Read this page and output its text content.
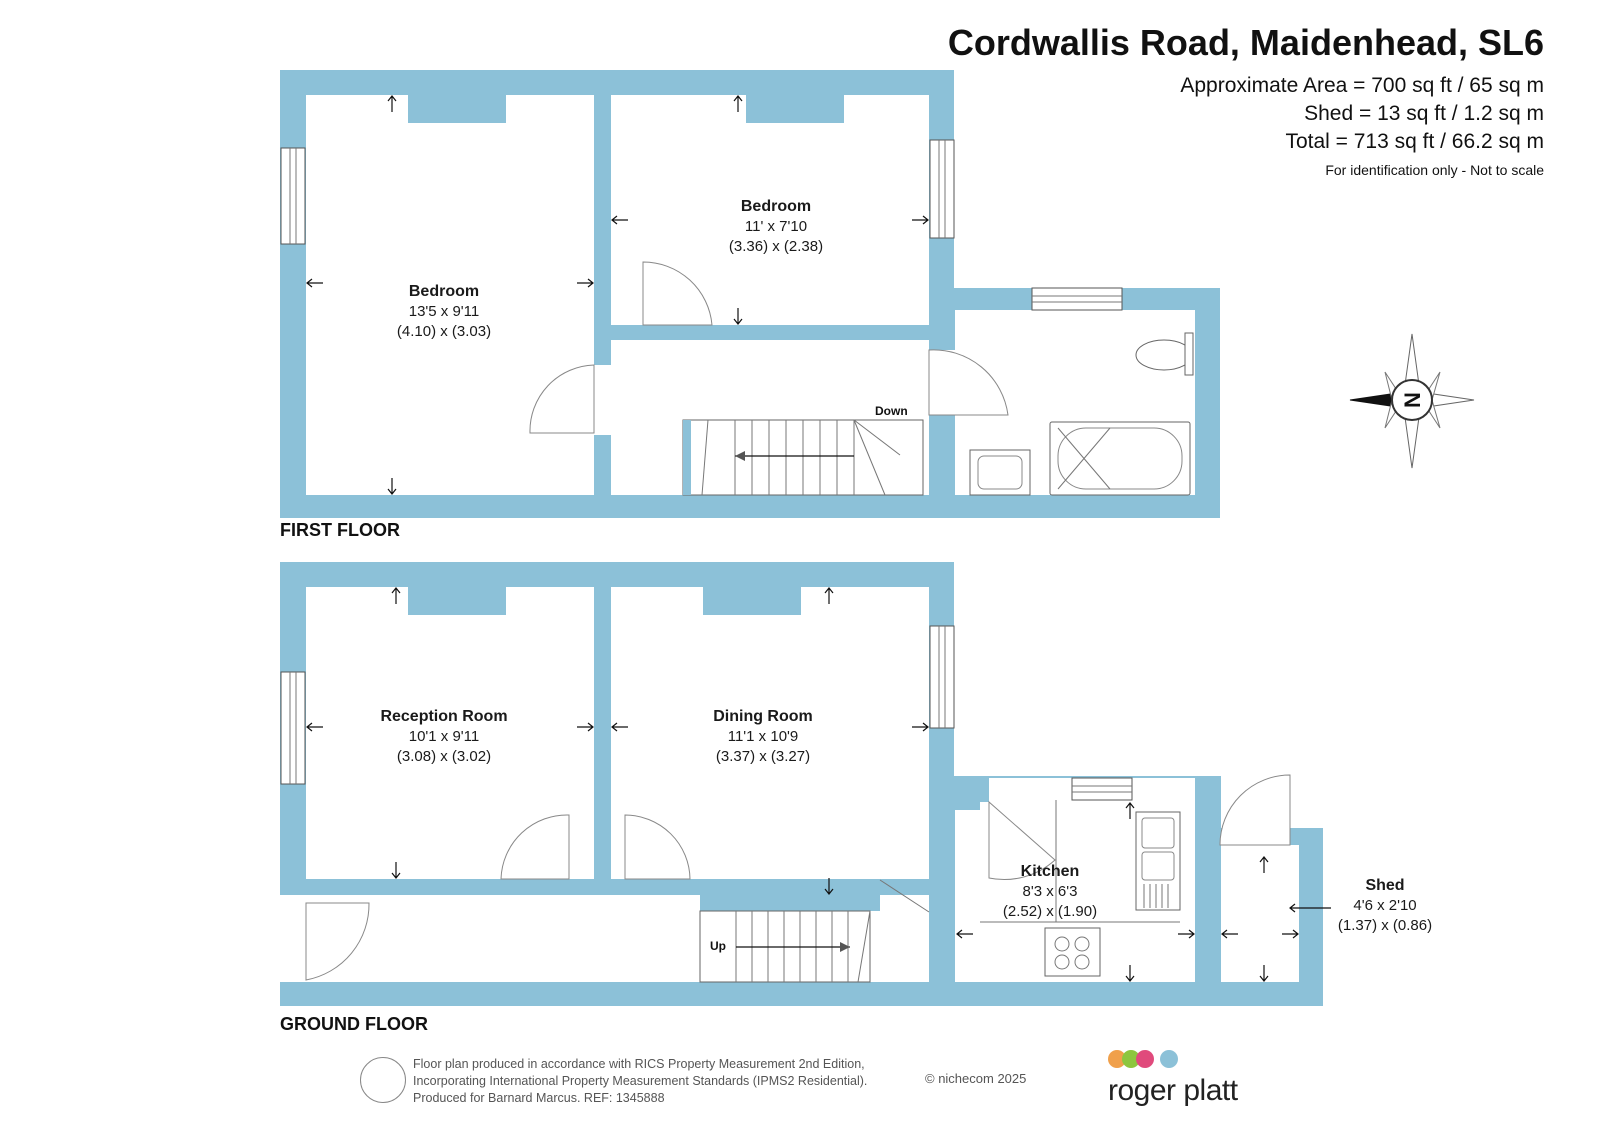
Cordwallis Road, Maidenhead, SL6
Approximate Area = 700 sq ft / 65 sq m
Shed = 13 sq ft / 1.2 sq m
Total = 713 sq ft / 66.2 sq m
For identification only - Not to scale
Down
Bedroom
13'5 x 9'11
(4.10) x (3.03)
Bedroom
11' x 7'10
(3.36) x (2.38)
FIRST FLOOR
Up
Reception Room
10'1 x 9'11
(3.08) x (3.02)
Dining Room
11'1 x 10'9
(3.37) x (3.27)
Kitchen
8'3 x 6'3
(2.52) x (1.90)
Shed
4'6 x 2'10
(1.37) x (0.86)
GROUND FLOOR
N
Floor plan produced in accordance with RICS Property Measurement 2nd Edition,
Incorporating International Property Measurement Standards (IPMS2 Residential).
Produced for Barnard Marcus. REF: 1345888
© nichecom 2025	roger platt
